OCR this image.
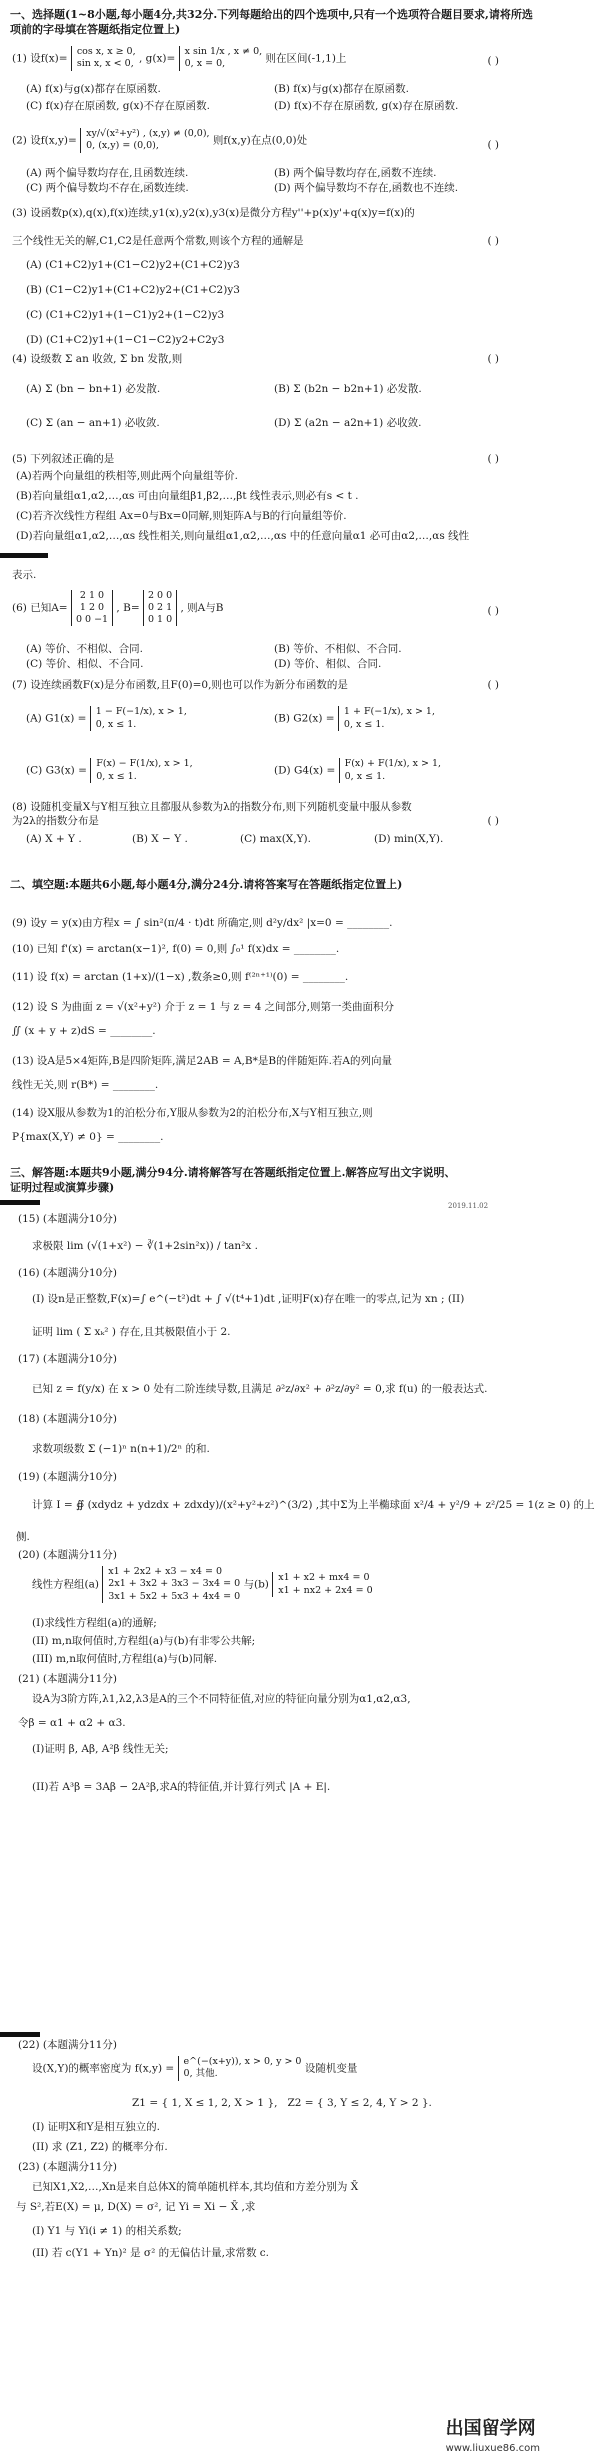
一、选择题(1~8小题,每小题4分,共32分.下列每题给出的四个选项中,只有一个选项符合题目要求,请将所选项前的字母填在答题纸指定位置上)
(1) 设f(x)=
cos x, x ≥ 0,
sin x, x < 0, , g(x)=
x sin 1/x , x ≠ 0,
0, x = 0,	则在区间(-1,1)上	( )
(A) f(x)与g(x)都存在原函数.	(B) f(x)与g(x)都存在原函数.
(C) f(x)存在原函数, g(x)不存在原函数.	(D) f(x)不存在原函数, g(x)存在原函数.
(2) 设f(x,y)=
xy/√(x²+y²) , (x,y) ≠ (0,0),
0, (x,y) = (0,0),	则f(x,y)在点(0,0)处	( )
(A) 两个偏导数均存在,且函数连续.	(B) 两个偏导数均存在,函数不连续.
(C) 两个偏导数均不存在,函数连续.	(D) 两个偏导数均不存在,函数也不连续.
(3) 设函数p(x),q(x),f(x)连续,y1(x),y2(x),y3(x)是微分方程y''+p(x)y'+q(x)y=f(x)的
三个线性无关的解,C1,C2是任意两个常数,则该个方程的通解是	( )
(A) (C1+C2)y1+(C1−C2)y2+(C1+C2)y3
(B) (C1−C2)y1+(C1+C2)y2+(C1+C2)y3
(C) (C1+C2)y1+(1−C1)y2+(1−C2)y3
(D) (C1+C2)y1+(1−C1−C2)y2+C2y3
(4) 设级数 Σ an 收敛, Σ bn 发散,则	( )
(A) Σ (bn − bn+1) 必发散.	(B) Σ (b2n − b2n+1) 必发散.
(C) Σ (an − an+1) 必收敛.	(D) Σ (a2n − a2n+1) 必收敛.
(5) 下列叙述正确的是	( )
(A)若两个向量组的秩相等,则此两个向量组等价.
(B)若向量组α1,α2,…,αs 可由向量组β1,β2,…,βt 线性表示,则必有s < t .
(C)若齐次线性方程组 Ax=0与Bx=0同解,则矩阵A与B的行向量组等价.
(D)若向量组α1,α2,…,αs 线性相关,则向量组α1,α2,…,αs 中的任意向量α1 必可由α2,…,αs 线性
表示.
(6) 已知A=
2 1 0
1 2 0
0 0 −1
, B=
2 0 0
0 2 1
0 1 0
, 则A与B	( )
(A) 等价、不相似、合同.	(B) 等价、不相似、不合同.
(C) 等价、相似、不合同.	(D) 等价、相似、合同.
(7) 设连续函数F(x)是分布函数,且F(0)=0,则也可以作为新分布函数的是	( )
(A) G1(x) =
1 − F(−1/x), x > 1,
0, x ≤ 1.	(B) G2(x) =
1 + F(−1/x), x > 1,
0, x ≤ 1.
(C) G3(x) =
F(x) − F(1/x), x > 1,
0, x ≤ 1.	(D) G4(x) =
F(x) + F(1/x), x > 1,
0, x ≤ 1.
(8) 设随机变量X与Y相互独立且都服从参数为λ的指数分布,则下列随机变量中服从参数
为2λ的指数分布是	( )
(A) X + Y .	(B) X − Y .	(C) max(X,Y).	(D) min(X,Y).
二、填空题:本题共6小题,每小题4分,满分24分.请将答案写在答题纸指定位置上)
(9) 设y = y(x)由方程x = ∫ sin²(π/4 · t)dt 所确定,则 d²y/dx² |x=0 = ________.
(10) 已知 f'(x) = arctan(x−1)², f(0) = 0,则 ∫₀¹ f(x)dx = ________.
(11) 设 f(x) = arctan (1+x)/(1−x) ,数条≥0,则 f⁽²ⁿ⁺¹⁾(0) = ________.
(12) 设 S 为曲面 z = √(x²+y²) 介于 z = 1 与 z = 4 之间部分,则第一类曲面积分
∬ (x + y + z)dS = ________.
(13) 设A是5×4矩阵,B是四阶矩阵,满足2AB = A,B*是B的伴随矩阵.若A的列向量
线性无关,则 r(B*) = ________.
(14) 设X服从参数为1的泊松分布,Y服从参数为2的泊松分布,X与Y相互独立,则
P{max(X,Y) ≠ 0} = ________.
三、解答题:本题共9小题,满分94分.请将解答写在答题纸指定位置上.解答应写出文字说明、
证明过程或演算步骤)
2019.11.02
(15) (本题满分10分)
求极限 lim (√(1+x²) − ∛(1+2sin²x)) / tan²x .
(16) (本题满分10分)
(I) 设n是正整数,F(x)=∫ e^(−t²)dt + ∫ √(t⁴+1)dt ,证明F(x)存在唯一的零点,记为 xn ; (II)
证明 lim ( Σ xₖ² ) 存在,且其极限值小于 2.
(17) (本题满分10分)
已知 z = f(y/x) 在 x > 0 处有二阶连续导数,且满足 ∂²z/∂x² + ∂²z/∂y² = 0,求 f(u) 的一般表达式.
(18) (本题满分10分)
求数项级数 Σ (−1)ⁿ n(n+1)/2ⁿ 的和.
(19) (本题满分10分)
计算 I = ∯ (xdydz + ydzdx + zdxdy)/(x²+y²+z²)^(3/2) ,其中Σ为上半椭球面 x²/4 + y²/9 + z²/25 = 1(z ≥ 0) 的上
侧.
(20) (本题满分11分)
线性方程组(a)
x1 + 2x2 + x3 − x4 = 0
2x1 + 3x2 + 3x3 − 3x4 = 0
3x1 + 5x2 + 5x3 + 4x4 = 0
与(b)
x1 + x2 + mx4 = 0
x1 + nx2 + 2x4 = 0
(I)求线性方程组(a)的通解;
(II) m,n取何值时,方程组(a)与(b)有非零公共解;
(III) m,n取何值时,方程组(a)与(b)同解.
(21) (本题满分11分)
设A为3阶方阵,λ1,λ2,λ3是A的三个不同特征值,对应的特征向量分别为α1,α2,α3,
令β = α1 + α2 + α3.
(I)证明 β, Aβ, A²β 线性无关;
(II)若 A³β = 3Aβ − 2A²β,求A的特征值,并计算行列式 |A + E|.
(22) (本题满分11分)
设(X,Y)的概率密度为 f(x,y) =
e^(−(x+y)), x > 0, y > 0
0, 其他.	设随机变量
Z1 = { 1, X ≤ 1, 2, X > 1 }, Z2 = { 3, Y ≤ 2, 4, Y > 2 }.
(I) 证明X和Y是相互独立的.
(II) 求 (Z1, Z2) 的概率分布.
(23) (本题满分11分)
已知X1,X2,…,Xn是来自总体X的简单随机样本,其均值和方差分别为 X̄
与 S²,若E(X) = μ, D(X) = σ², 记 Yi = Xi − X̄ ,求
(I) Y1 与 Yi(i ≠ 1) 的相关系数;
(II) 若 c(Y1 + Yn)² 是 σ² 的无偏估计量,求常数 c.
出国留学网
www.liuxue86.com
